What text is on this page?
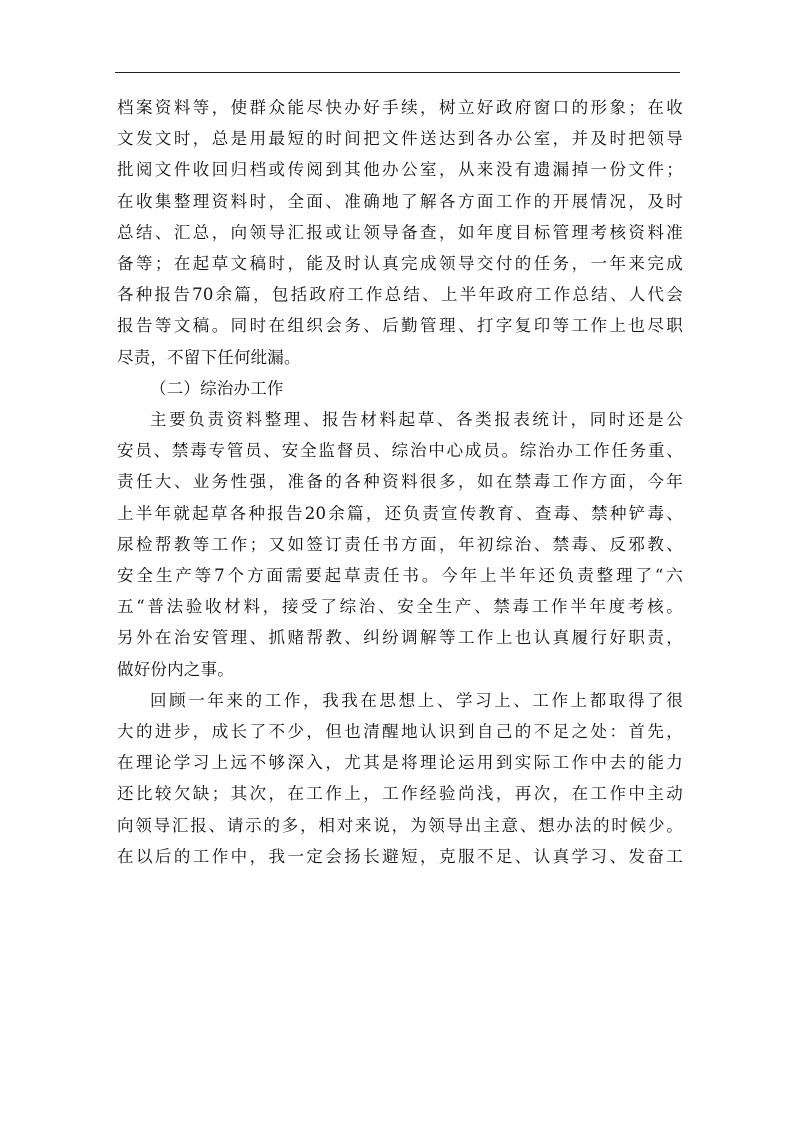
档案资料等，使群众能尽快办好手续，树立好政府窗口的形象；在收
文发文时，总是用最短的时间把文件送达到各办公室，并及时把领导
批阅文件收回归档或传阅到其他办公室，从来没有遗漏掉一份文件；
在收集整理资料时，全面、准确地了解各方面工作的开展情况，及时
总结、汇总，向领导汇报或让领导备查，如年度目标管理考核资料准
备等；在起草文稿时，能及时认真完成领导交付的任务，一年来完成
各种报告70余篇，包括政府工作总结、上半年政府工作总结、人代会
报告等文稿。同时在组织会务、后勤管理、打字复印等工作上也尽职
尽责，不留下任何纰漏。
（二）综治办工作
主要负责资料整理、报告材料起草、各类报表统计，同时还是公
安员、禁毒专管员、安全监督员、综治中心成员。综治办工作任务重、
责任大、业务性强，准备的各种资料很多，如在禁毒工作方面，今年
上半年就起草各种报告20余篇，还负责宣传教育、查毒、禁种铲毒、
尿检帮教等工作；又如签订责任书方面，年初综治、禁毒、反邪教、
安全生产等7个方面需要起草责任书。今年上半年还负责整理了“六
五“普法验收材料，接受了综治、安全生产、禁毒工作半年度考核。
另外在治安管理、抓赌帮教、纠纷调解等工作上也认真履行好职责，
做好份内之事。
回顾一年来的工作，我我在思想上、学习上、工作上都取得了很
大的进步，成长了不少，但也清醒地认识到自己的不足之处：首先，
在理论学习上远不够深入，尤其是将理论运用到实际工作中去的能力
还比较欠缺；其次，在工作上，工作经验尚浅，再次，在工作中主动
向领导汇报、请示的多，相对来说，为领导出主意、想办法的时候少。
在以后的工作中，我一定会扬长避短，克服不足、认真学习、发奋工
